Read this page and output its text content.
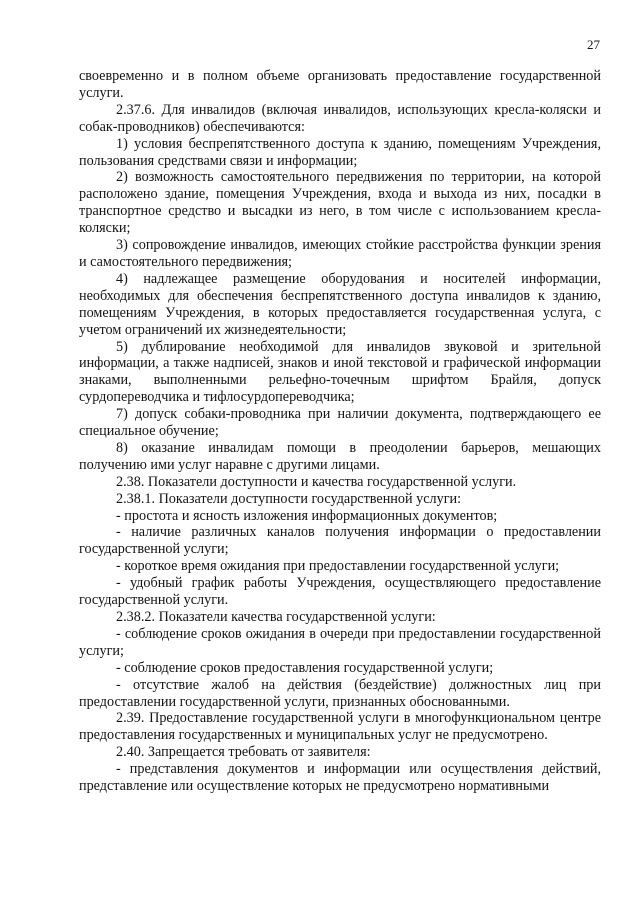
27

своевременно и в полном объеме организовать предоставление государственной услуги.

2.37.6. Для инвалидов (включая инвалидов, использующих кресла-коляски и собак-проводников) обеспечиваются:

1) условия беспрепятственного доступа к зданию, помещениям Учреждения, пользования средствами связи и информации;

2) возможность самостоятельного передвижения по территории, на которой расположено здание, помещения Учреждения, входа и выхода из них, посадки в транспортное средство и высадки из него, в том числе с использованием кресла-коляски;

3) сопровождение инвалидов, имеющих стойкие расстройства функции зрения и самостоятельного передвижения;

4) надлежащее размещение оборудования и носителей информации, необходимых для обеспечения беспрепятственного доступа инвалидов к зданию, помещениям Учреждения, в которых предоставляется государственная услуга, с учетом ограничений их жизнедеятельности;

5) дублирование необходимой для инвалидов звуковой и зрительной информации, а также надписей, знаков и иной текстовой и графической информации знаками, выполненными рельефно-точечным шрифтом Брайля, допуск сурдопереводчика и тифлосурдопереводчика;

7) допуск собаки-проводника при наличии документа, подтверждающего ее специальное обучение;

8) оказание инвалидам помощи в преодолении барьеров, мешающих получению ими услуг наравне с другими лицами.

2.38. Показатели доступности и качества государственной услуги.

2.38.1. Показатели доступности государственной услуги:

- простота и ясность изложения информационных документов;

- наличие различных каналов получения информации о предоставлении государственной услуги;

- короткое время ожидания при предоставлении государственной услуги;

- удобный график работы Учреждения, осуществляющего предоставление государственной услуги.

2.38.2. Показатели качества государственной услуги:

- соблюдение сроков ожидания в очереди при предоставлении государственной услуги;

- соблюдение сроков предоставления государственной услуги;

- отсутствие жалоб на действия (бездействие) должностных лиц при предоставлении государственной услуги, признанных обоснованными.

2.39. Предоставление государственной услуги в многофункциональном центре предоставления государственных и муниципальных услуг не предусмотрено.

2.40. Запрещается требовать от заявителя:

- представления документов и информации или осуществления действий, представление или осуществление которых не предусмотрено нормативными
